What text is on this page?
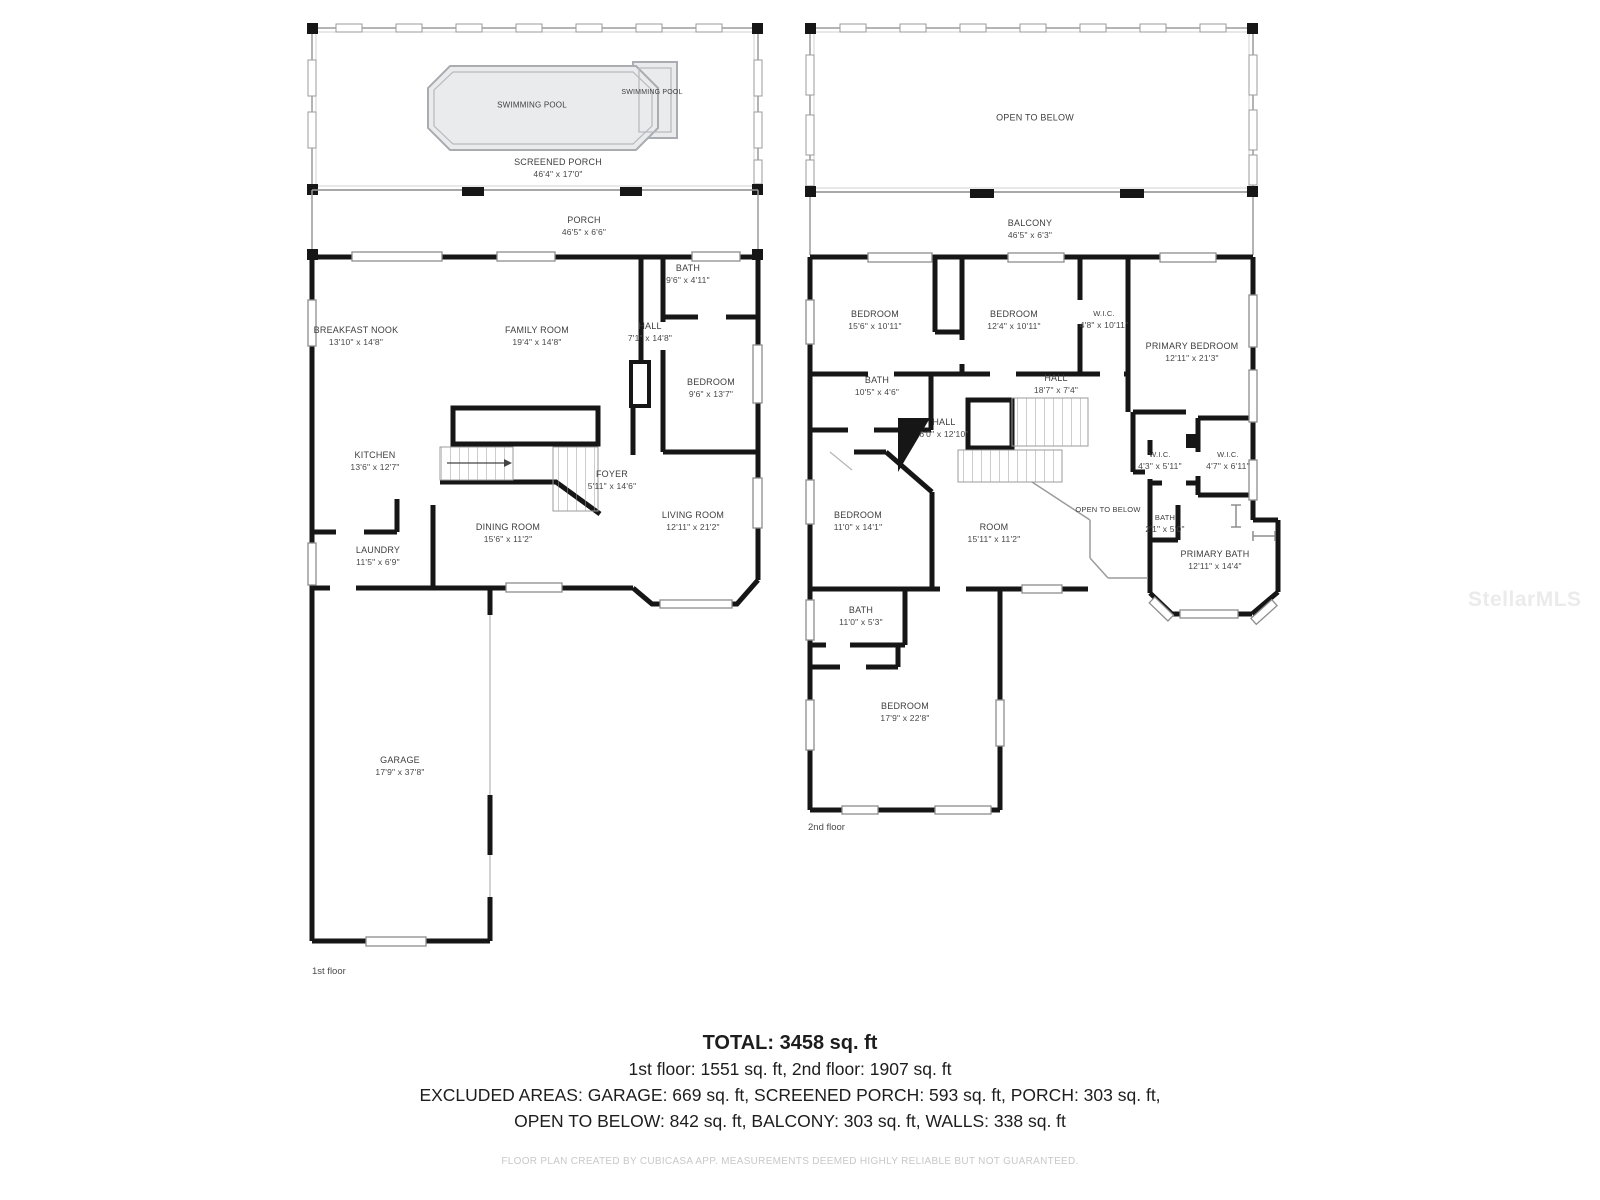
SWIMMING POOL
SWIMMING POOL
SCREENED PORCH
46'4" x 17'0"
PORCH
46'5" x 6'6"
BREAKFAST NOOK
13'10" x 14'8"
FAMILY ROOM
19'4" x 14'8"
BATH
9'6" x 4'11"
HALL
7'1" x 14'8"
BEDROOM
9'6" x 13'7"
KITCHEN
13'6" x 12'7"
FOYER
5'11" x 14'6"
DINING ROOM
15'6" x 11'2"
LAUNDRY
11'5" x 6'9"
LIVING ROOM
12'11" x 21'2"
GARAGE
17'9" x 37'8"
1st floor
OPEN TO BELOW
BALCONY
46'5" x 6'3"
BEDROOM
15'6" x 10'11"
BEDROOM
12'4" x 10'11"
W.I.C.
4'8" x 10'11"
PRIMARY BEDROOM
12'11" x 21'3"
BATH
10'5" x 4'6"
HALL
18'7" x 7'4"
HALL
6'0" x 12'10"
BEDROOM
11'0" x 14'1"	ROOM
15'11" x 11'2"
W.I.C.
4'3" x 5'11"
W.I.C.
4'7" x 6'11"
OPEN TO BELOW
BATH
2'1" x 5'0"
PRIMARY BATH
12'11" x 14'4"
BATH
11'0" x 5'3"
BEDROOM
17'9" x 22'8"
2nd floor
TOTAL: 3458 sq. ft
1st floor: 1551 sq. ft, 2nd floor: 1907 sq. ft
EXCLUDED AREAS: GARAGE: 669 sq. ft, SCREENED PORCH: 593 sq. ft, PORCH: 303 sq. ft,
OPEN TO BELOW: 842 sq. ft, BALCONY: 303 sq. ft, WALLS: 338 sq. ft
FLOOR PLAN CREATED BY CUBICASA APP. MEASUREMENTS DEEMED HIGHLY RELIABLE BUT NOT GUARANTEED.
StellarMLS
